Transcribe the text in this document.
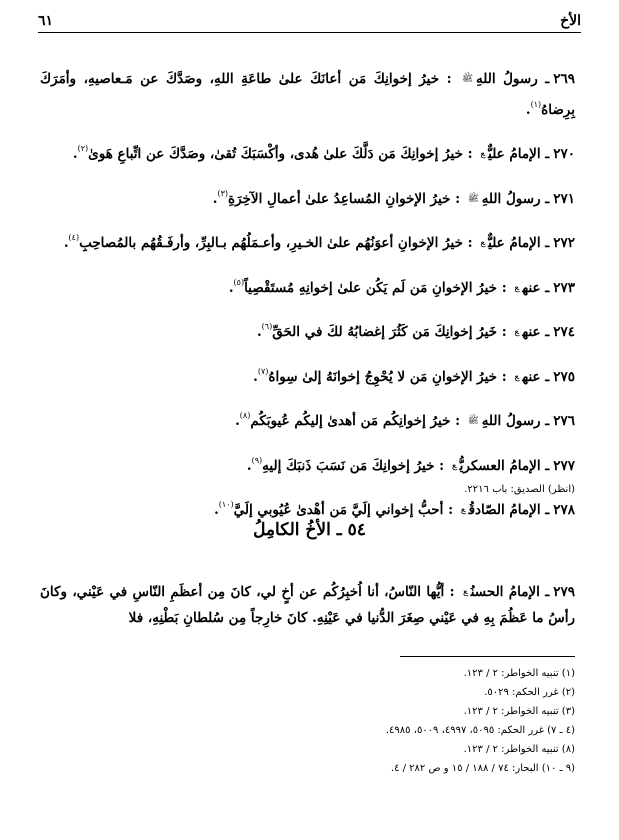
الأخ
٦١

٢٦٩ـ رسولُ اللهِﷺ : خيرُ إخوانِكَ مَن أعانَكَ علىٰ طاعَةِ اللهِ، وصَدَّكَ عن مَـعاصيهِ، وأمَرَكَ بِرِضاهُ$^{(١)}$.

٢٧٠ـ الإمامُ عليٌّع : خيرُ إخوانِكَ مَن دَلَّكَ علىٰ هُدى، وأكْسَبَكَ تُقىٰ، وصَدَّكَ عن اتِّباعِ هَوىٰ$^{(٢)}$.

٢٧١ـ رسولُ اللهِﷺ : خيرُ الإخوانِ المُساعِدُ علىٰ أعمالِ الآخِرَةِ$^{(٣)}$.

٢٧٢ـ الإمامُ عليٌّع : خيرُ الإخوانِ أعوَنُهُم علىٰ الخـيرِ، وأعـمَلُهُم بـالبِرِّ، وأرفَـقُهُم بالمُصاحِبِ$^{(٤)}$.

٢٧٣ـ عنهع : خيرُ الإخوانِ مَن لَم يَكُن علىٰ إخوانِهِ مُستَقْصِياً$^{(٥)}$.

٢٧٤ـ عنهع : خَيرُ إخوانِكَ مَن كَثُرَ إغضابُهُ لكَ في الحَقِّ$^{(٦)}$.

٢٧٥ـ عنهع : خيرُ الإخوانِ مَن لا يُحْوِجُ إخوانَهُ إلىٰ سِواهُ$^{(٧)}$.

٢٧٦ـ رسولُ اللهِﷺ : خيرُ إخوانِكُم مَن أهدىٰ إليكُم عُيوبَكُم$^{(٨)}$.

٢٧٧ـ الإمامُ العسكريُّع : خيرُ إخوانِكَ مَن نَسَبَ ذَنبَكَ إليهِ$^{(٩)}$.

٢٧٨ـ الإمامُ الصّادقُع : أحبُّ إخواني إلَيَّ مَن أهْدىٰ عُيُوبي إلَيَّ$^{(١٠)}$.

(انظر) الصديق: باب ٢٢١٦.
٥٤ ـ الأخُ الكامِلُ

٢٧٩ـ الإمامُ الحسنُع : أيُّها النّاسُ، أنا اُخبِرُكُم عن أخٍ لي، كانَ مِن أعظَمِ النّاسِ في عَيْني، وكانَ رأسُ ما عَظُمَ بِهِ في عَيْني صِغَرَ الدُّنيا في عَيْنِهِ. كانَ خارِجاً مِن سُلطانِ بَطْنِهِ، فلا

(١) تنبيه الخواطر: ٢ / ١٢٣.
(٢) غرر الحكم: ٥٠٢٩.
(٣) تنبيه الخواطر: ٢ / ١٢٣.
(٤ ـ ٧) غرر الحكم: ٥٠٩٥، ٤٩٩٧، ٥٠٠٩، ٤٩٨٥.
(٨) تنبيه الخواطر: ٢ / ١٢٣.
(٩ ـ ١٠) البحار: ٧٤ / ١٨٨ / ١٥ و ص ٢٨٢ / ٤.
